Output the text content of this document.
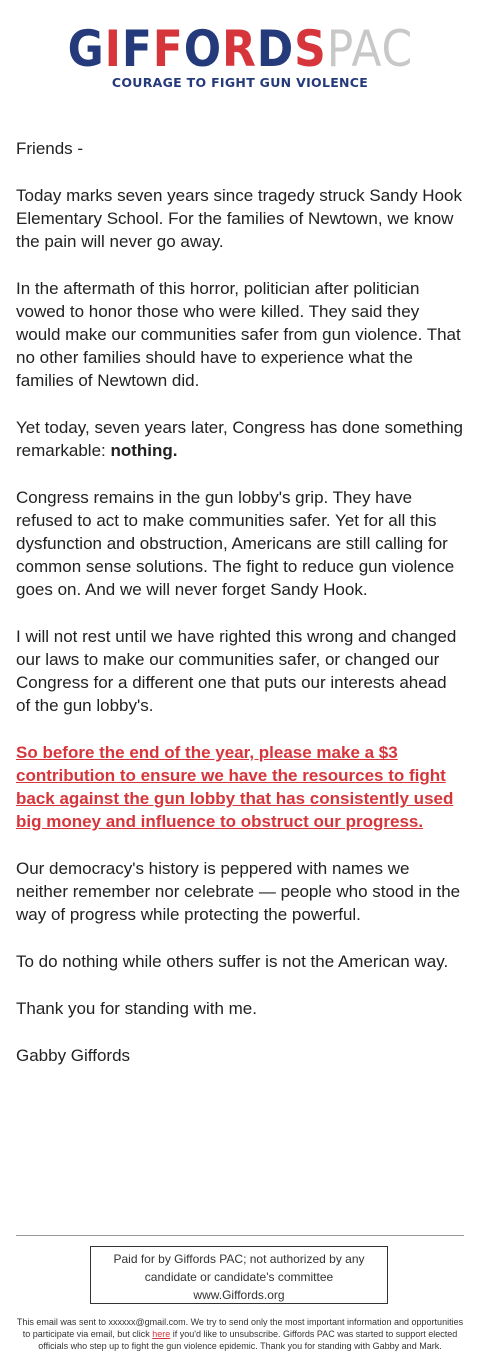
GIFFORDSPAC
COURAGE TO FIGHT GUN VIOLENCE

Friends -

Today marks seven years since tragedy struck Sandy Hook Elementary School. For the families of Newtown, we know the pain will never go away.

In the aftermath of this horror, politician after politician vowed to honor those who were killed. They said they would make our communities safer from gun violence. That no other families should have to experience what the families of Newtown did.

Yet today, seven years later, Congress has done something remarkable: nothing.

Congress remains in the gun lobby's grip. They have refused to act to make communities safer. Yet for all this dysfunction and obstruction, Americans are still calling for common sense solutions. The fight to reduce gun violence goes on. And we will never forget Sandy Hook.

I will not rest until we have righted this wrong and changed our laws to make our communities safer, or changed our Congress for a different one that puts our interests ahead of the gun lobby's.

So before the end of the year, please make a $3 contribution to ensure we have the resources to fight back against the gun lobby that has consistently used big money and influence to obstruct our progress.

Our democracy's history is peppered with names we neither remember nor celebrate — people who stood in the way of progress while protecting the powerful.

To do nothing while others suffer is not the American way.

Thank you for standing with me.

Gabby Giffords

Paid for by Giffords PAC; not authorized by any
candidate or candidate's committee
www.Giffords.org
This email was sent to xxxxxx@gmail.com. We try to send only the most important information and opportunities to participate via email, but click here if you'd like to unsubscribe. Giffords PAC was started to support elected officials who step up to fight the gun violence epidemic. Thank you for standing with Gabby and Mark.
